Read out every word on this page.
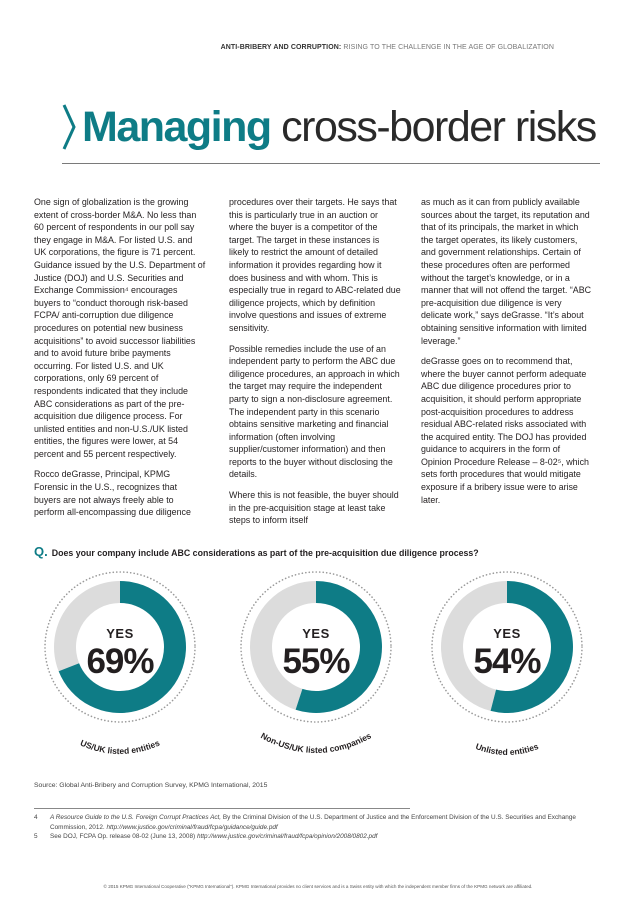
ANTI-BRIBERY AND CORRUPTION: RISING TO THE CHALLENGE IN THE AGE OF GLOBALIZATION
Managing cross-border risks

One sign of globalization is the growing extent of cross-border M&A. No less than 60 percent of respondents in our poll say they engage in M&A. For listed U.S. and UK corporations, the figure is 71 percent. Guidance issued by the U.S. Department of Justice (DOJ) and U.S. Securities and Exchange Commission⁴ encourages buyers to “conduct thorough risk-based FCPA/ anti-corruption due diligence procedures on potential new business acquisitions” to avoid successor liabilities and to avoid future bribe payments occurring. For listed U.S. and UK corporations, only 69 percent of respondents indicated that they include ABC considerations as part of the pre-acquisition due diligence process. For unlisted entities and non-U.S./UK listed entities, the figures were lower, at 54 percent and 55 percent respectively.

Rocco deGrasse, Principal, KPMG Forensic in the U.S., recognizes that buyers are not always freely able to perform all-encompassing due diligence

procedures over their targets. He says that this is particularly true in an auction or where the buyer is a competitor of the target. The target in these instances is likely to restrict the amount of detailed information it provides regarding how it does business and with whom. This is especially true in regard to ABC-related due diligence projects, which by definition involve questions and issues of extreme sensitivity.

Possible remedies include the use of an independent party to perform the ABC due diligence procedures, an approach in which the target may require the independent party to sign a non-disclosure agreement. The independent party in this scenario obtains sensitive marketing and financial information (often involving supplier/customer information) and then reports to the buyer without disclosing the details.

Where this is not feasible, the buyer should in the pre-acquisition stage at least take steps to inform itself

as much as it can from publicly available sources about the target, its reputation and that of its principals, the market in which the target operates, its likely customers, and government relationships. Certain of these procedures often are performed without the target’s knowledge, or in a manner that will not offend the target. “ABC pre-acquisition due diligence is very delicate work,” says deGrasse. “It’s about obtaining sensitive information with limited leverage.”

deGrasse goes on to recommend that, where the buyer cannot perform adequate ABC due diligence procedures prior to acquisition, it should perform appropriate post-acquisition procedures to address residual ABC-related risks associated with the acquired entity. The DOJ has provided guidance to acquirers in the form of Opinion Procedure Release – 8-02⁵, which sets forth procedures that would mitigate exposure if a bribery issue were to arise later.

Q. Does your company include ABC considerations as part of the pre-acquisition due diligence process?
YES
69%
YES
55%
YES
54%
US/UK listed entities
Non-US/UK listed companies
Unlisted entities
Source: Global Anti-Bribery and Corruption Survey, KPMG International, 2015
4 A Resource Guide to the U.S. Foreign Corrupt Practices Act, By the Criminal Division of the U.S. Department of Justice and the Enforcement Division of the U.S. Securities and Exchange Commission, 2012. http://www.justice.gov/criminal/fraud/fcpa/guidance/guide.pdf
5 See DOJ, FCPA Op. release 08-02 (June 13, 2008) http://www.justice.gov/criminal/fraud/fcpa/opinion/2008/0802.pdf
© 2015 KPMG International Cooperative (“KPMG International”). KPMG International provides no client services and is a Swiss entity with which the independent member firms of the KPMG network are affiliated.
